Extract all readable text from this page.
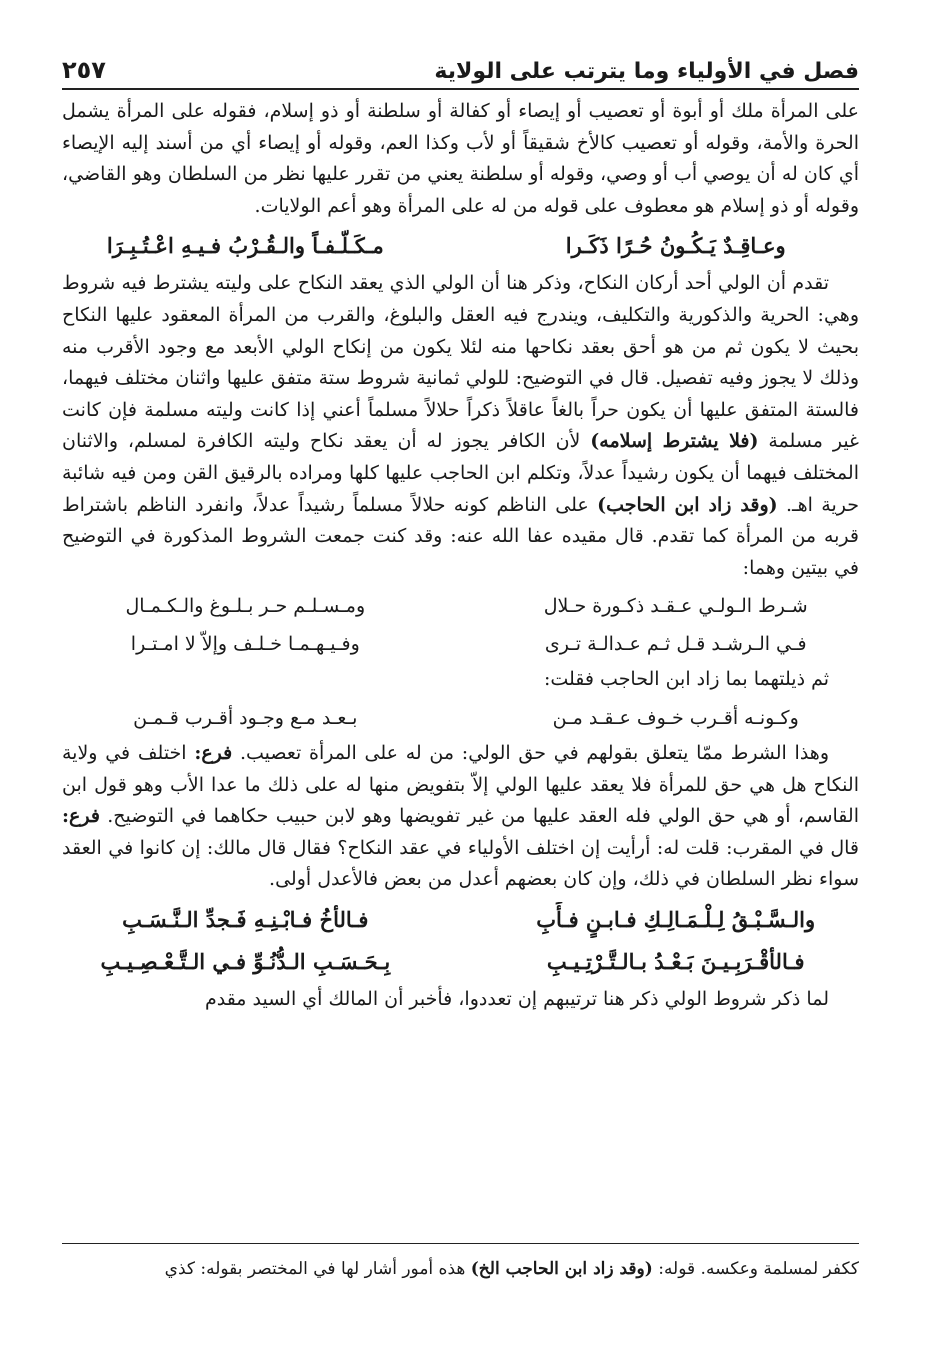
فصل في الأولياء وما يترتب على الولاية
٢٥٧

على المرأة ملك أو أبوة أو تعصيب أو إيصاء أو كفالة أو سلطنة أو ذو إسلام، فقوله على المرأة يشمل الحرة والأمة، وقوله أو تعصيب كالأخ شقيقاً أو لأب وكذا العم، وقوله أو إيصاء أي من أسند إليه الإيصاء أي كان له أن يوصي أب أو وصي، وقوله أو سلطنة يعني من تقرر عليها نظر من السلطان وهو القاضي، وقوله أو ذو إسلام هو معطوف على قوله من له على المرأة وهو أعم الولايات.

وعـاقِـدٌ يَـكُـونُ حُـرًا ذَكَـرا
مـكَـلّـفـاً والـقُـرْبُ فـيـهِ اعْـتُـبِـرَا

تقدم أن الولي أحد أركان النكاح، وذكر هنا أن الولي الذي يعقد النكاح على وليته يشترط فيه شروط وهي: الحرية والذكورية والتكليف، ويندرج فيه العقل والبلوغ، والقرب من المرأة المعقود عليها النكاح بحيث لا يكون ثم من هو أحق بعقد نكاحها منه لئلا يكون من إنكاح الولي الأبعد مع وجود الأقرب منه وذلك لا يجوز وفيه تفصيل. قال في التوضيح: للولي ثمانية شروط ستة متفق عليها واثنان مختلف فيهما، فالستة المتفق عليها أن يكون حراً بالغاً عاقلاً ذكراً حلالاً مسلماً أعني إذا كانت وليته مسلمة فإن كانت غير مسلمة (فلا يشترط إسلامه) لأن الكافر يجوز له أن يعقد نكاح وليته الكافرة لمسلم، والاثنان المختلف فيهما أن يكون رشيداً عدلاً، وتكلم ابن الحاجب عليها كلها ومراده بالرقيق القن ومن فيه شائبة حرية اهـ. (وقد زاد ابن الحاجب) على الناظم كونه حلالاً مسلماً رشيداً عدلاً، وانفرد الناظم باشتراط قربه من المرأة كما تقدم. قال مقيده عفا الله عنه: وقد كنت جمعت الشروط المذكورة في التوضيح في بيتين وهما:

شـرط الـولـي عـقـد ذكـورة حـلال
ومـسـلـم حـر بـلـوغ والـكـمـال
فـي الـرشـد قـل ثـم عـدالـة تـرى
وفـيـهـمـا خـلـف وإلاّ لا امـتـرا

ثم ذيلتهما بما زاد ابن الحاجب فقلت:

وكـونـه أقـرب خـوف عـقـد مـن
بـعـد مـع وجـود أقـرب قـمـن

وهذا الشرط ممّا يتعلق بقولهم في حق الولي: من له على المرأة تعصيب. فرع: اختلف في ولاية النكاح هل هي حق للمرأة فلا يعقد عليها الولي إلاّ بتفويض منها له على ذلك ما عدا الأب وهو قول ابن القاسم، أو هي حق الولي فله العقد عليها من غير تفويضها وهو لابن حبيب حكاهما في التوضيح. فرع: قال في المقرب: قلت له: أرأيت إن اختلف الأولياء في عقد النكاح؟ فقال قال مالك: إن كانوا في العقد سواء نظر السلطان في ذلك، وإن كان بعضهم أعدل من بعض فالأعدل أولى.

والـسَّـبْـقُ لِـلْـمَـالِـكِ فـابـنٍ فـأَبِ
فـالأخُ فـابْـنِـهِ فَـجدِّ الـنَّـسَـبِ
فـالأقْـرَبِـيـنَ بَـعْـدُ بـالـتَّـرْتِـيـبِ
بِـحَـسَـبِ الـدُّنُـوِّ فـي الـتَّـعْـصِـيـبِ

لما ذكر شروط الولي ذكر هنا ترتيبهم إن تعددوا، فأخبر أن المالك أي السيد مقدم

ككفر لمسلمة وعكسه. قوله: (وقد زاد ابن الحاجب الخ) هذه أمور أشار لها في المختصر بقوله: كذي
